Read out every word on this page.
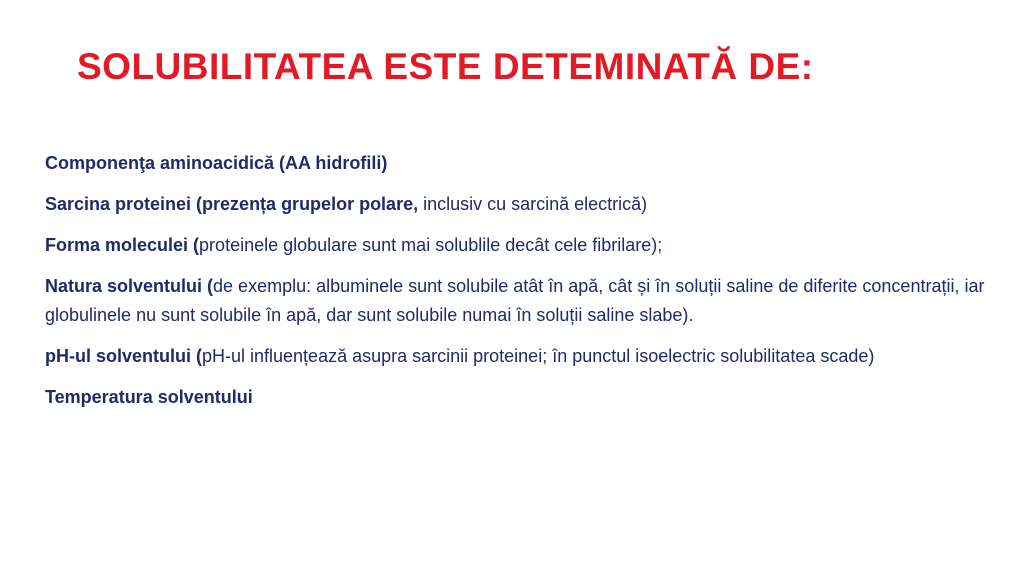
SOLUBILITATEA ESTE DETEMINATĂ DE:

Componenţa aminoacidică (AA hidrofili)

Sarcina proteinei (prezența grupelor polare, inclusiv cu sarcină electrică)

Forma moleculei (proteinele globulare sunt mai solublile decât cele fibrilare);

Natura solventului (de exemplu: albuminele sunt solubile atât în apă, cât și în soluții saline de diferite concentrații, iar globulinele nu sunt solubile în apă, dar sunt solubile numai în soluții saline slabe).

pH-ul solventului (pH-ul influențează asupra sarcinii proteinei; în punctul isoelectric solubilitatea scade)

Temperatura solventului
